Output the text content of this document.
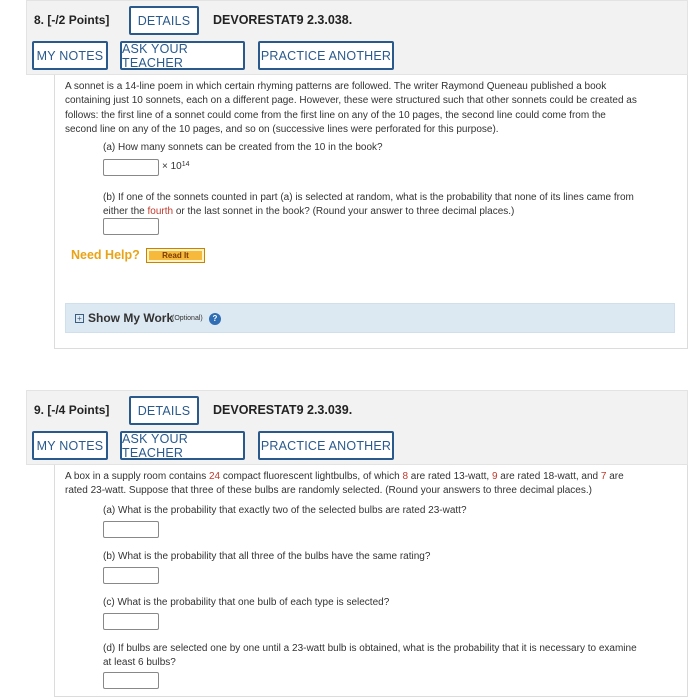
8. [-/2 Points]	DETAILS	DEVORESTAT9 2.3.038.
MY NOTES	ASK YOUR TEACHER	PRACTICE ANOTHER
A sonnet is a 14-line poem in which certain rhyming patterns are followed. The writer Raymond Queneau published a book
containing just 10 sonnets, each on a different page. However, these were structured such that other sonnets could be created as
follows: the first line of a sonnet could come from the first line on any of the 10 pages, the second line could come from the
second line on any of the 10 pages, and so on (successive lines were perforated for this purpose).
(a) How many sonnets can be created from the 10 in the book?
× $10^{14}$
(b) If one of the sonnets counted in part (a) is selected at random, what is the probability that none of its lines came from
either the fourth or the last sonnet in the book? (Round your answer to three decimal places.)
Need Help?	Read It
+ Show My Work
(Optional)	?
9. [-/4 Points]	DETAILS	DEVORESTAT9 2.3.039.
MY NOTES	ASK YOUR TEACHER	PRACTICE ANOTHER
A box in a supply room contains 24 compact fluorescent lightbulbs, of which 8 are rated 13-watt, 9 are rated 18-watt, and 7 are
rated 23-watt. Suppose that three of these bulbs are randomly selected. (Round your answers to three decimal places.)
(a) What is the probability that exactly two of the selected bulbs are rated 23-watt?
(b) What is the probability that all three of the bulbs have the same rating?
(c) What is the probability that one bulb of each type is selected?
(d) If bulbs are selected one by one until a 23-watt bulb is obtained, what is the probability that it is necessary to examine
at least 6 bulbs?
